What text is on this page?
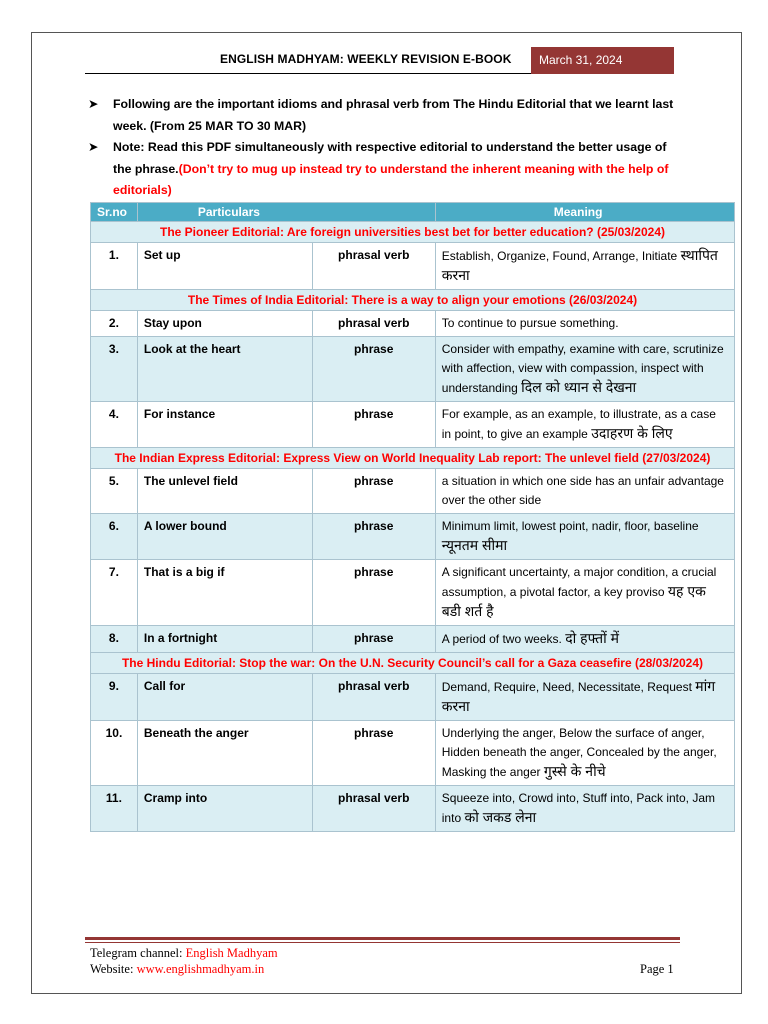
ENGLISH MADHYAM: WEEKLY REVISION E-BOOK	March 31, 2024
➤ Following are the important idioms and phrasal verb from The Hindu Editorial that we learnt last week. (From 25 MAR TO 30 MAR)
➤ Note: Read this PDF simultaneously with respective editorial to understand the better usage of the phrase.(Don’t try to mug up instead try to understand the inherent meaning with the help of editorials)
Sr.no	Particulars		Meaning
The Pioneer Editorial: Are foreign universities best bet for better education? (25/03/2024)			
1.	Set up	phrasal verb	Establish, Organize, Found, Arrange, Initiate स्थापित करना
The Times of India Editorial: There is a way to align your emotions (26/03/2024)			
2.	Stay upon	phrasal verb	To continue to pursue something.
3.	Look at the heart	phrase	Consider with empathy, examine with care, scrutinize with affection, view with compassion, inspect with understanding दिल को ध्यान से देखना
4.	For instance	phrase	For example, as an example, to illustrate, as a case in point, to give an example उदाहरण के लिए
The Indian Express Editorial: Express View on World Inequality Lab report: The unlevel field (27/03/2024)			
5.	The unlevel field	phrase	a situation in which one side has an unfair advantage over the other side
6.	A lower bound	phrase	Minimum limit, lowest point, nadir, floor, baseline न्यूनतम सीमा
7.	That is a big if	phrase	A significant uncertainty, a major condition, a crucial assumption, a pivotal factor, a key proviso यह एक बडी शर्त है
8.	In a fortnight	phrase	A period of two weeks. दो हफ्तों में
The Hindu Editorial: Stop the war: On the U.N. Security Council’s call for a Gaza ceasefire (28/03/2024)			
9.	Call for	phrasal verb	Demand, Require, Need, Necessitate, Request मांग करना
10.	Beneath the anger	phrase	Underlying the anger, Below the surface of anger, Hidden beneath the anger, Concealed by the anger, Masking the anger गुस्से के नीचे
11.	Cramp into	phrasal verb	Squeeze into, Crowd into, Stuff into, Pack into, Jam into को जकड लेना
Telegram channel: English Madhyam
Website: www.englishmadhyam.in	Page 1
